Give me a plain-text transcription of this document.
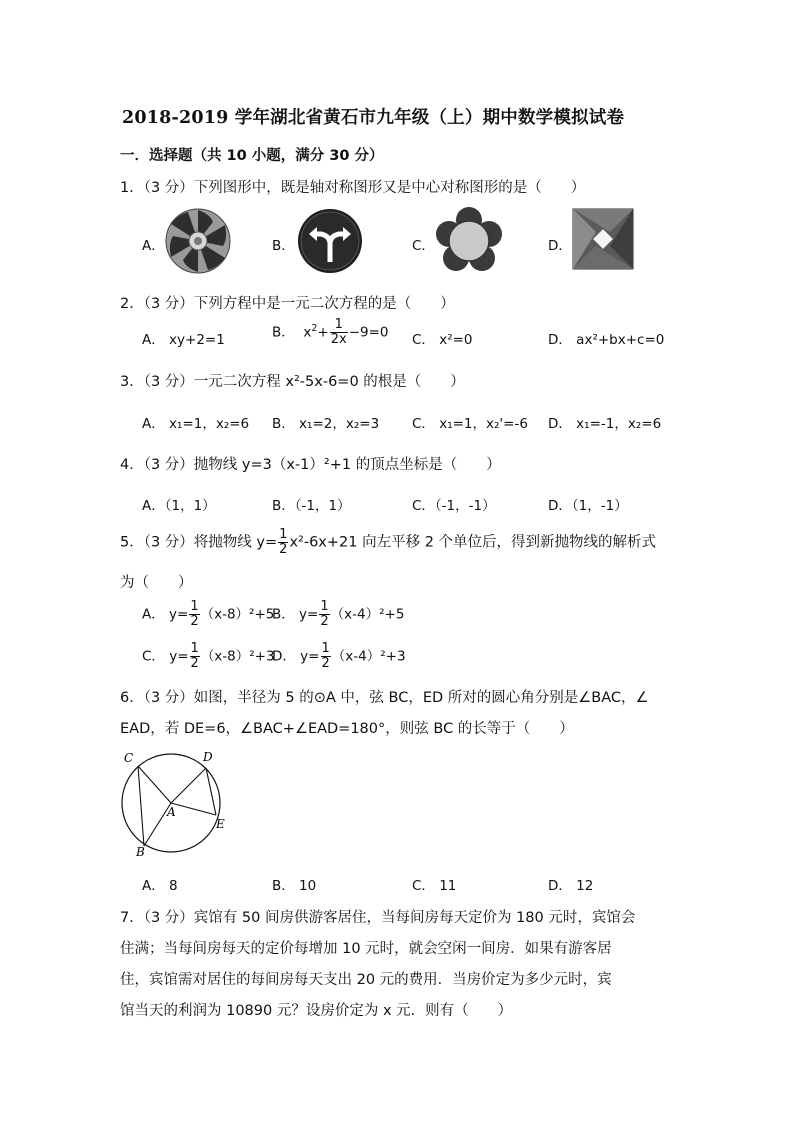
2018-2019 学年湖北省黄石市九年级（上）期中数学模拟试卷
一．选择题（共 10 小题，满分 30 分）
1．（3 分）下列图形中，既是轴对称图形又是中心对称图形的是（　　）
A．	B．	C．	D．
2．（3 分）下列方程中是一元二次方程的是（　　）
A． xy+2=1	B． $x^2+ \frac{1}{2x} -9=0$ C． x²=0	D． ax²+bx+c=0
3．（3 分）一元二次方程 x²-5x-6=0 的根是（　　）
A． x₁=1，x₂=6 B． x₁=2，x₂=3 C． x₁=1，x₂'=-6 D． x₁=-1，x₂=6
4．（3 分）抛物线 y=3（x-1）²+1 的顶点坐标是（　　）
A．（1，1）	B．（-1，1）	C．（-1，-1）	D．（1，-1）
5．（3 分）将抛物线 $y= \frac{1}{2} x^2-6x+21$ 向左平移 2 个单位后，得到新抛物线的解析式
为（　　）
A． $y= \frac{1}{2} (x-8)^2+5$
B． $y= \frac{1}{2} (x-4)^2+5$
C． $y= \frac{1}{2} (x-8)^2+3$
D． $y= \frac{1}{2} (x-4)^2+3$
6．（3 分）如图，半径为 5 的⊙A 中，弦 BC，ED 所对的圆心角分别是∠BAC，∠
EAD，若 DE=6，∠BAC+∠EAD=180°，则弦 BC 的长等于（　　）
C	D
A
E
B
A． 8	B． 10	C． 11	D． 12
7．（3 分）宾馆有 50 间房供游客居住，当每间房每天定价为 180 元时，宾馆会
住满；当每间房每天的定价每增加 10 元时，就会空闲一间房．如果有游客居
住，宾馆需对居住的每间房每天支出 20 元的费用．当房价定为多少元时，宾
馆当天的利润为 10890 元？设房价定为 x 元．则有（　　）
